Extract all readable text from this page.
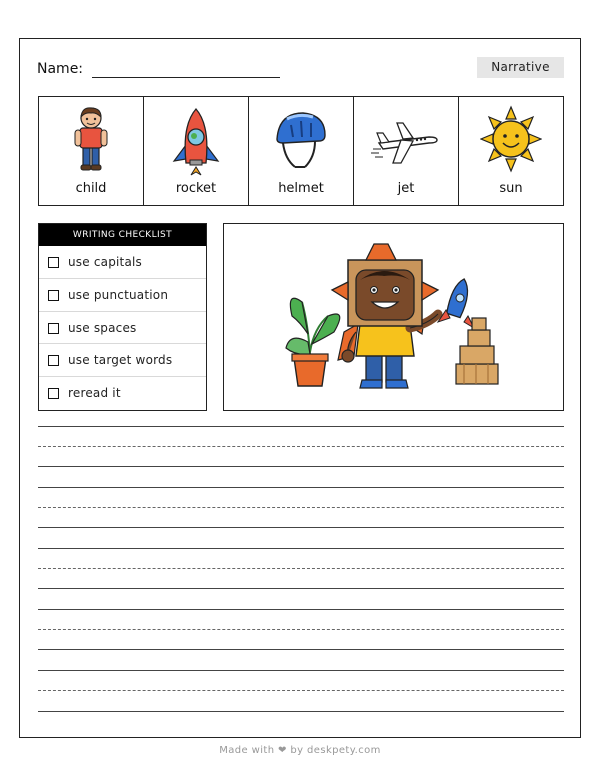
Name:	Narrative
child	rocket	helmet	jet	sun
WRITING CHECKLIST
use capitals
use punctuation
use spaces
use target words
reread it
Made with ❤ by deskpety.com
